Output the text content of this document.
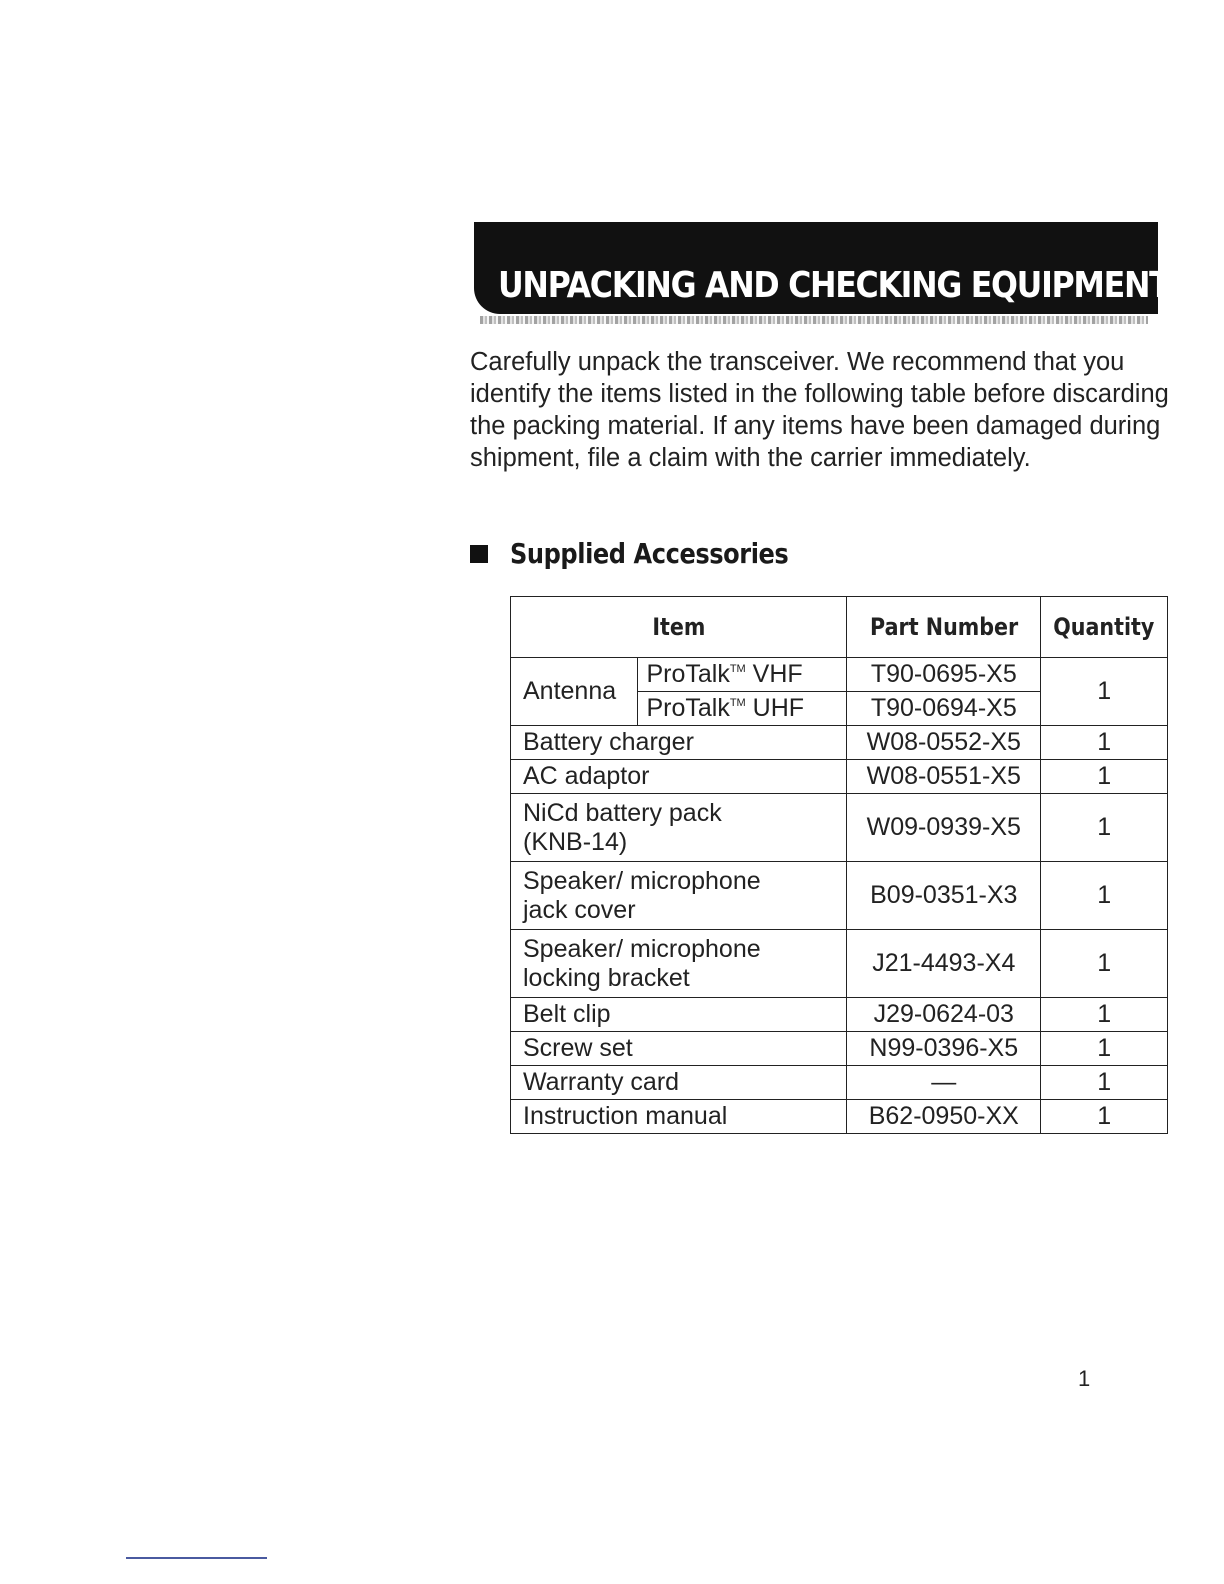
UNPACKING AND CHECKING EQUIPMENT

Carefully unpack the transceiver. We recommend that you identify the items listed in the following table before discarding the packing material. If any items have been damaged during shipment, file a claim with the carrier immediately.

Supplied Accessories
Item		Part Number	Quantity
Antenna	ProTalk™ VHF	T90-0695-X5	1
	ProTalk™ UHF	T90-0694-X5	
Battery charger		W08-0552-X5	1
AC adaptor		W08-0551-X5	1

NiCd battery pack (KNB-14)		W09-0939-X5	1

Speaker/ microphone jack cover		B09-0351-X3	1

Speaker/ microphone locking bracket		J21-4493-X4	1
Belt clip		J29-0624-03	1
Screw set		N99-0396-X5	1
Warranty card		—	1
Instruction manual		B62-0950-XX	1
1
